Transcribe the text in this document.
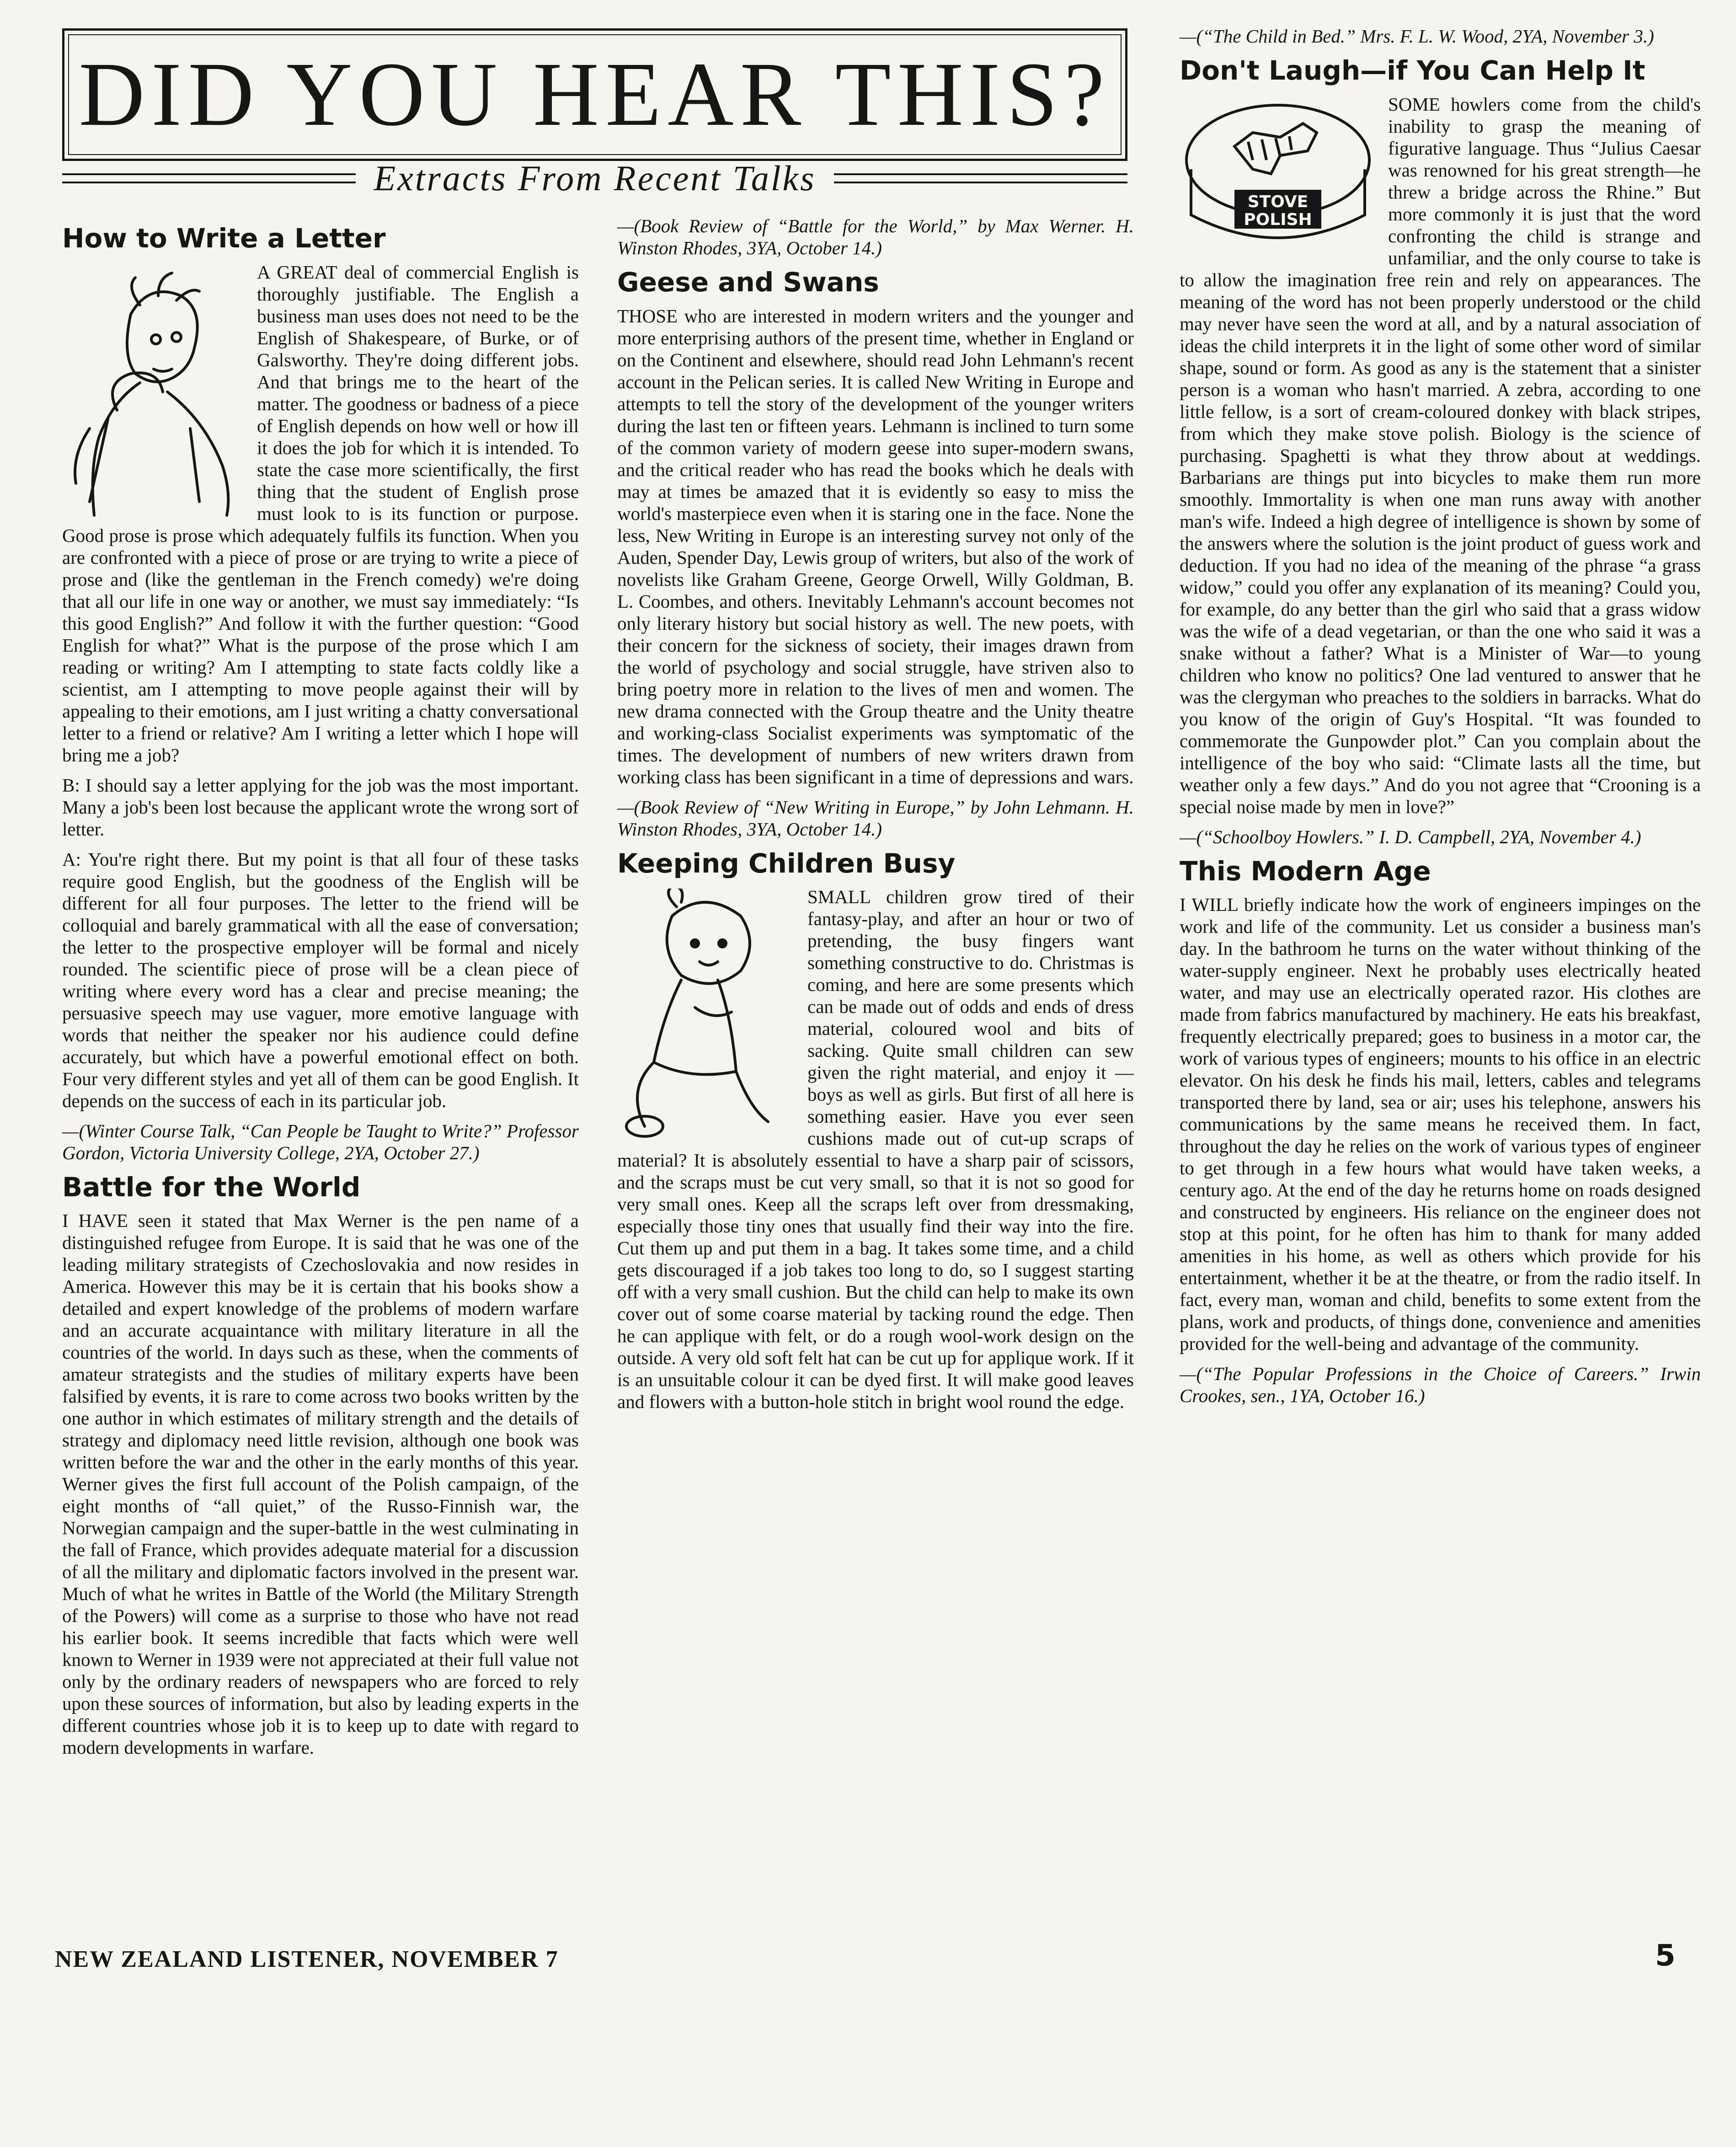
DID YOU HEAR THIS?
Extracts From Recent Talks
How to Write a Letter

A GREAT deal of commercial English is thoroughly justifiable. The English a business man uses does not need to be the English of Shakespeare, of Burke, or of Galsworthy. They're doing different jobs. And that brings me to the heart of the matter. The goodness or badness of a piece of English depends on how well or how ill it does the job for which it is intended. To state the case more scientifically, the first thing that the student of English prose must look to is its function or purpose. Good prose is prose which adequately fulfils its function. When you are confronted with a piece of prose or are trying to write a piece of prose and (like the gentleman in the French comedy) we're doing that all our life in one way or another, we must say immediately: “Is this good English?” And follow it with the further question: “Good English for what?” What is the purpose of the prose which I am reading or writing? Am I attempting to state facts coldly like a scientist, am I attempting to move people against their will by appealing to their emotions, am I just writing a chatty conversational letter to a friend or relative? Am I writing a letter which I hope will bring me a job?

B: I should say a letter applying for the job was the most important. Many a job's been lost because the applicant wrote the wrong sort of letter.

A: You're right there. But my point is that all four of these tasks require good English, but the goodness of the English will be different for all four purposes. The letter to the friend will be colloquial and barely grammatical with all the ease of conversation; the letter to the prospective employer will be formal and nicely rounded. The scientific piece of prose will be a clean piece of writing where every word has a clear and precise meaning; the persuasive speech may use vaguer, more emotive language with words that neither the speaker nor his audience could define accurately, but which have a powerful emotional effect on both. Four very different styles and yet all of them can be good English. It depends on the success of each in its particular job.

—(Winter Course Talk, “Can People be Taught to Write?” Professor Gordon, Victoria University College, 2YA, October 27.)

Battle for the World

I HAVE seen it stated that Max Werner is the pen name of a distinguished refugee from Europe. It is said that he was one of the leading military strategists of Czechoslovakia and now resides in America. However this may be it is certain that his books show a detailed and expert knowledge of the problems of modern warfare and an accurate acquaintance with military literature in all the countries of the world. In days such as these, when the comments of amateur strategists and the studies of military experts have been falsified by events, it is rare to come across two books written by the one author in which estimates of military strength and the details of strategy and diplomacy need little revision, although one book was written before the war and the other in the early months of this year. Werner gives the first full account of the Polish campaign, of the eight months of “all quiet,” of the Russo-Finnish war, the Norwegian campaign and the super-battle in the west culminating in the fall of France, which provides adequate material for a discussion of all the military and diplomatic factors involved in the present war. Much of what he writes in Battle of the World (the Military Strength of the Powers) will come as a surprise to those who have not read his earlier book. It seems incredible that facts which were well known to Werner in 1939 were not appreciated at their full value not only by the ordinary readers of newspapers who are forced to rely upon these sources of information, but also by leading experts in the different countries whose job it is to keep up to date with regard to modern developments in warfare.

—(Book Review of “Battle for the World,” by Max Werner. H. Winston Rhodes, 3YA, October 14.)

Geese and Swans

THOSE who are interested in modern writers and the younger and more enterprising authors of the present time, whether in England or on the Continent and elsewhere, should read John Lehmann's recent account in the Pelican series. It is called New Writing in Europe and attempts to tell the story of the development of the younger writers during the last ten or fifteen years. Lehmann is inclined to turn some of the common variety of modern geese into super-modern swans, and the critical reader who has read the books which he deals with may at times be amazed that it is evidently so easy to miss the world's masterpiece even when it is staring one in the face. None the less, New Writing in Europe is an interesting survey not only of the Auden, Spender Day, Lewis group of writers, but also of the work of novelists like Graham Greene, George Orwell, Willy Goldman, B. L. Coombes, and others. Inevitably Lehmann's account becomes not only literary history but social history as well. The new poets, with their concern for the sickness of society, their images drawn from the world of psychology and social struggle, have striven also to bring poetry more in relation to the lives of men and women. The new drama connected with the Group theatre and the Unity theatre and working-class Socialist experiments was symptomatic of the times. The development of numbers of new writers drawn from working class has been significant in a time of depressions and wars.

—(Book Review of “New Writing in Europe,” by John Lehmann. H. Winston Rhodes, 3YA, October 14.)

Keeping Children Busy

SMALL children grow tired of their fantasy-play, and after an hour or two of pretending, the busy fingers want something constructive to do. Christmas is coming, and here are some presents which can be made out of odds and ends of dress material, coloured wool and bits of sacking. Quite small children can sew given the right material, and enjoy it — boys as well as girls. But first of all here is something easier. Have you ever seen cushions made out of cut-up scraps of material? It is absolutely essential to have a sharp pair of scissors, and the scraps must be cut very small, so that it is not so good for very small ones. Keep all the scraps left over from dressmaking, especially those tiny ones that usually find their way into the fire. Cut them up and put them in a bag. It takes some time, and a child gets discouraged if a job takes too long to do, so I suggest starting off with a very small cushion. But the child can help to make its own cover out of some coarse material by tacking round the edge. Then he can applique with felt, or do a rough wool-work design on the outside. A very old soft felt hat can be cut up for applique work. If it is an unsuitable colour it can be dyed first. It will make good leaves and flowers with a button-hole stitch in bright wool round the edge.

—(“The Child in Bed.” Mrs. F. L. W. Wood, 2YA, November 3.)

Don't Laugh—if You Can Help It
STOVE
POLISH

SOME howlers come from the child's inability to grasp the meaning of figurative language. Thus “Julius Caesar was renowned for his great strength—he threw a bridge across the Rhine.” But more commonly it is just that the word confronting the child is strange and unfamiliar, and the only course to take is to allow the imagination free rein and rely on appearances. The meaning of the word has not been properly understood or the child may never have seen the word at all, and by a natural association of ideas the child interprets it in the light of some other word of similar shape, sound or form. As good as any is the statement that a sinister person is a woman who hasn't married. A zebra, according to one little fellow, is a sort of cream-coloured donkey with black stripes, from which they make stove polish. Biology is the science of purchasing. Spaghetti is what they throw about at weddings. Barbarians are things put into bicycles to make them run more smoothly. Immortality is when one man runs away with another man's wife. Indeed a high degree of intelligence is shown by some of the answers where the solution is the joint product of guess work and deduction. If you had no idea of the meaning of the phrase “a grass widow,” could you offer any explanation of its meaning? Could you, for example, do any better than the girl who said that a grass widow was the wife of a dead vegetarian, or than the one who said it was a snake without a father? What is a Minister of War—to young children who know no politics? One lad ventured to answer that he was the clergyman who preaches to the soldiers in barracks. What do you know of the origin of Guy's Hospital. “It was founded to commemorate the Gunpowder plot.” Can you complain about the intelligence of the boy who said: “Climate lasts all the time, but weather only a few days.” And do you not agree that “Crooning is a special noise made by men in love?”

—(“Schoolboy Howlers.” I. D. Campbell, 2YA, November 4.)

This Modern Age

I WILL briefly indicate how the work of engineers impinges on the work and life of the community. Let us consider a business man's day. In the bathroom he turns on the water without thinking of the water-supply engineer. Next he probably uses electrically heated water, and may use an electrically operated razor. His clothes are made from fabrics manufactured by machinery. He eats his breakfast, frequently electrically prepared; goes to business in a motor car, the work of various types of engineers; mounts to his office in an electric elevator. On his desk he finds his mail, letters, cables and telegrams transported there by land, sea or air; uses his telephone, answers his communications by the same means he received them. In fact, throughout the day he relies on the work of various types of engineer to get through in a few hours what would have taken weeks, a century ago. At the end of the day he returns home on roads designed and constructed by engineers. His reliance on the engineer does not stop at this point, for he often has him to thank for many added amenities in his home, as well as others which provide for his entertainment, whether it be at the theatre, or from the radio itself. In fact, every man, woman and child, benefits to some extent from the plans, work and products, of things done, convenience and amenities provided for the well-being and advantage of the community.

—(“The Popular Professions in the Choice of Careers.” Irwin Crookes, sen., 1YA, October 16.)

NEW ZEALAND LISTENER, NOVEMBER 7	5
